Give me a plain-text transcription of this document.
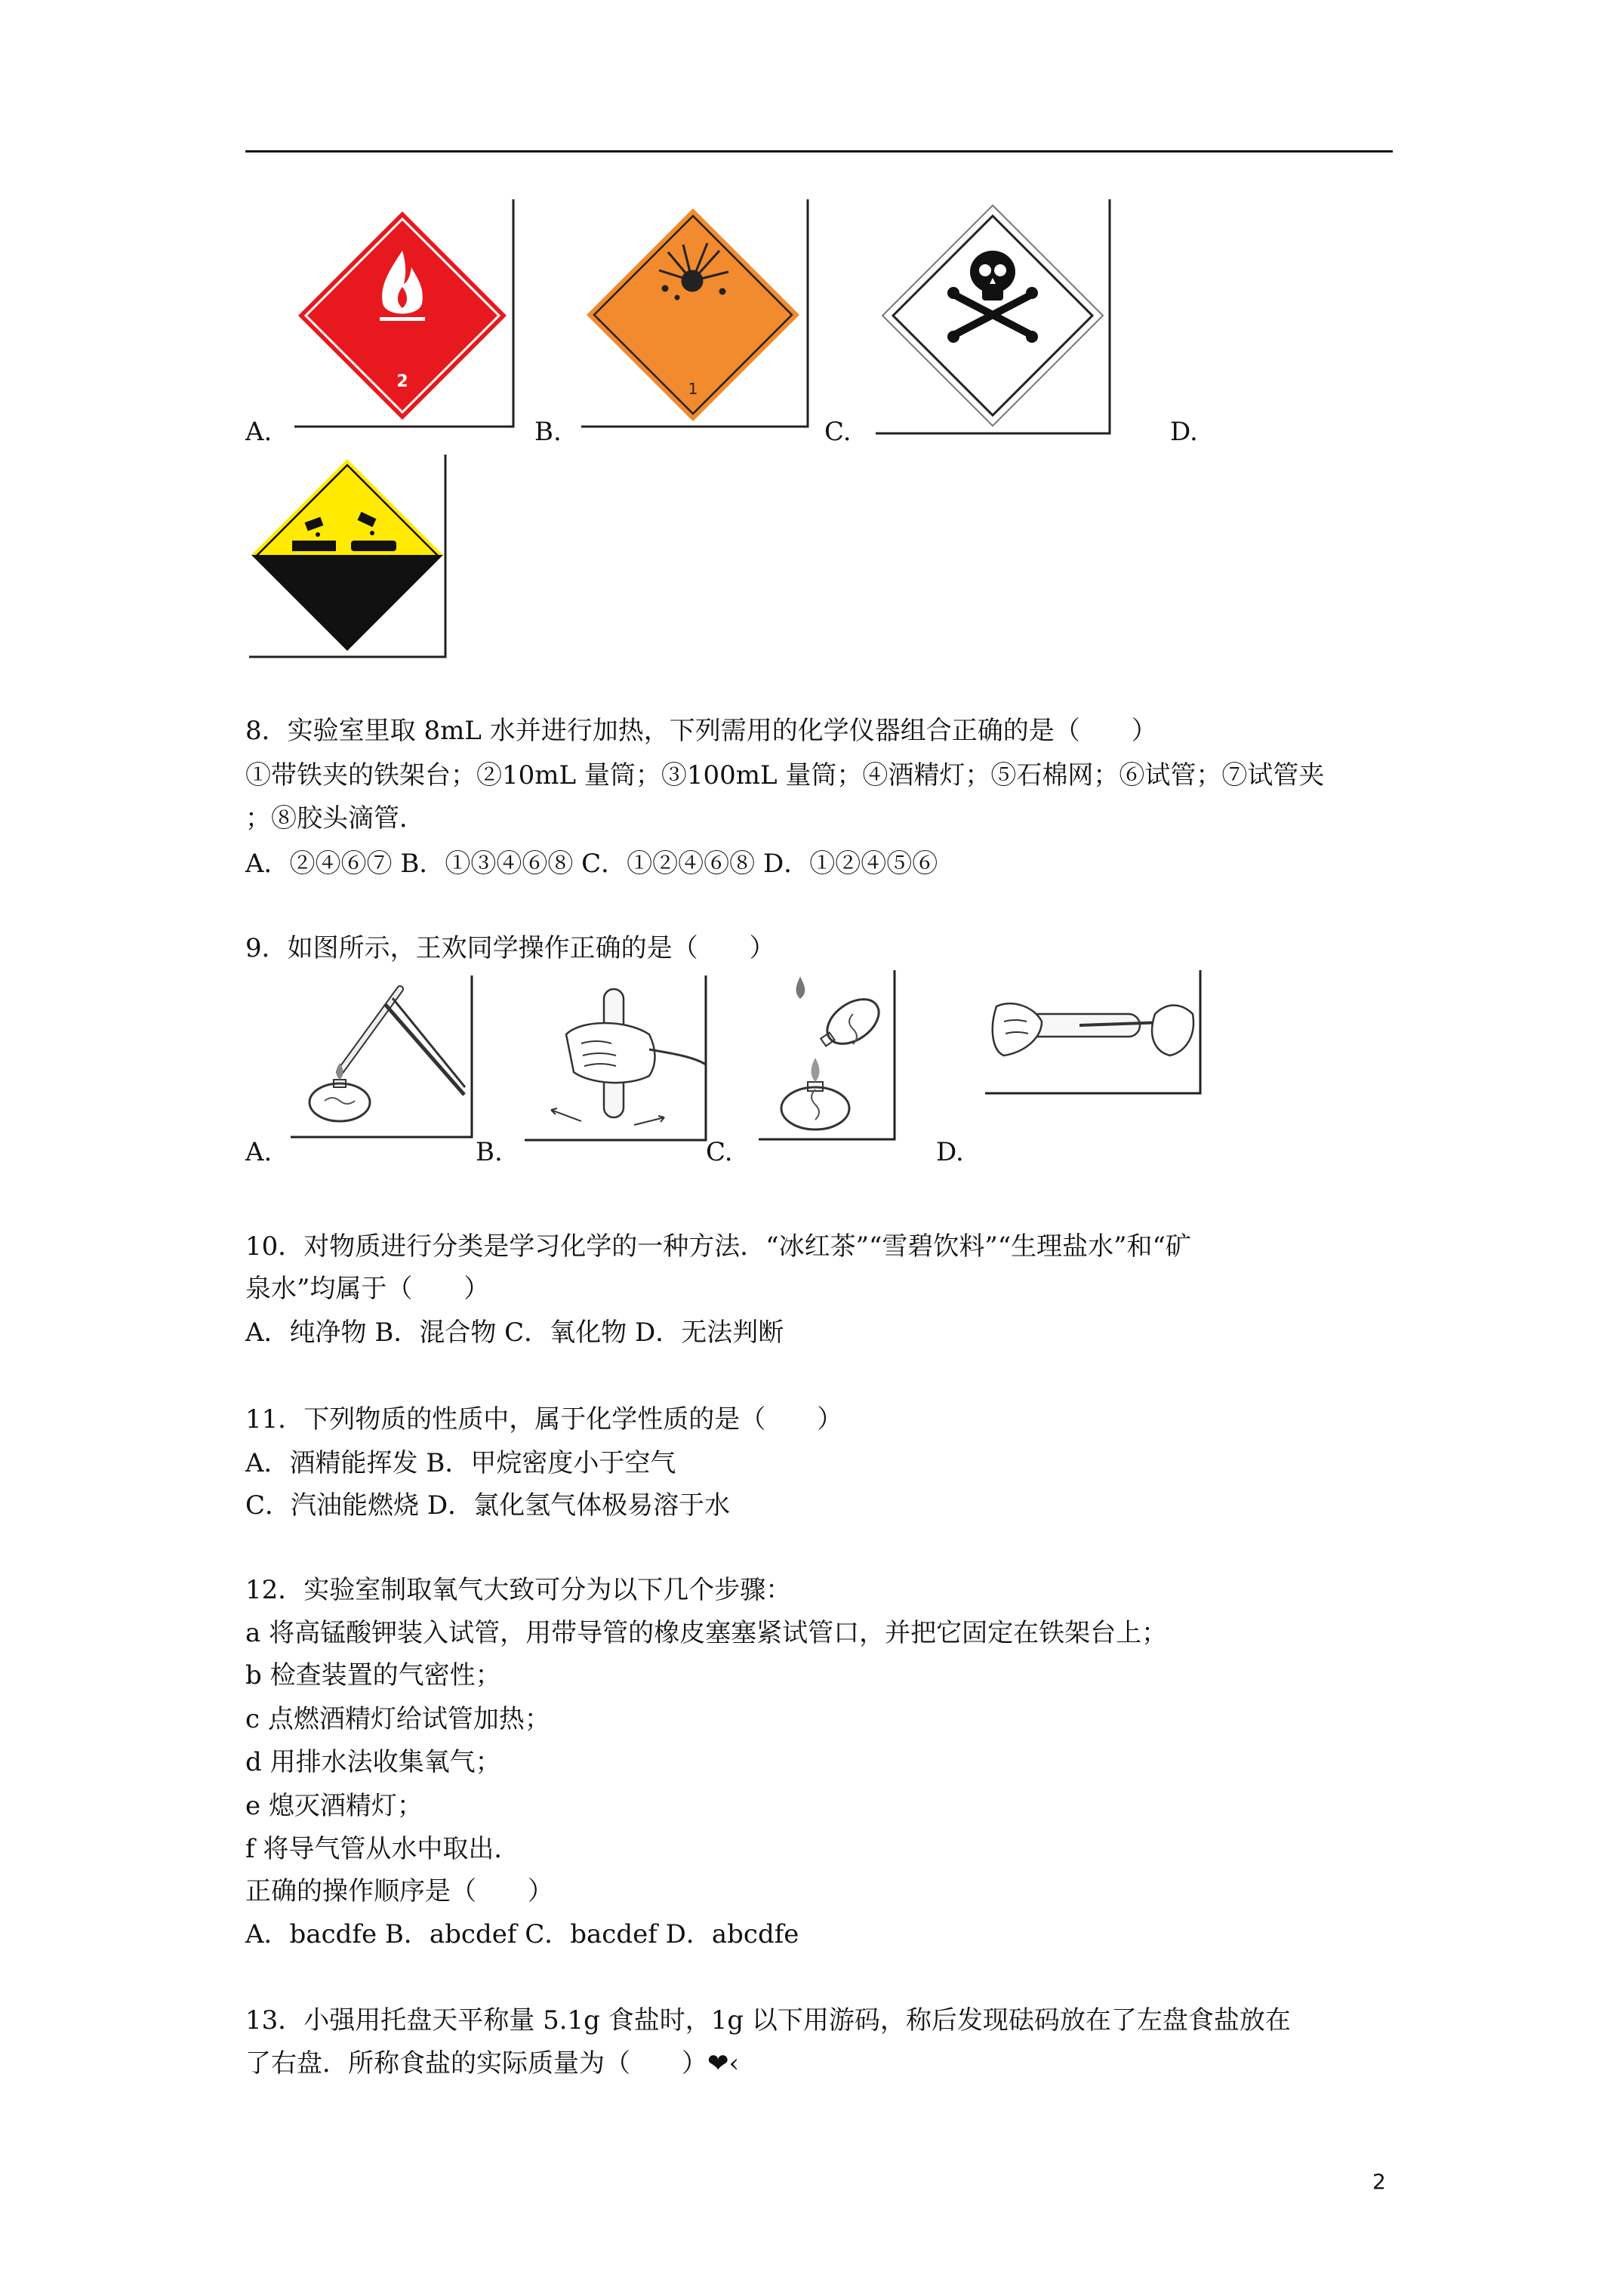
2
A.
1
B.	C.	D.
8．实验室里取 8mL 水并进行加热，下列需用的化学仪器组合正确的是（　　）
①带铁夹的铁架台；②10mL 量筒；③100mL 量筒；④酒精灯；⑤石棉网；⑥试管；⑦试管夹
；⑧胶头滴管．
A．②④⑥⑦ B．①③④⑥⑧ C．①②④⑥⑧ D．①②④⑤⑥
9．如图所示，王欢同学操作正确的是（　　）
A.	B.	C.	D.
10．对物质进行分类是学习化学的一种方法．“冰红茶”“雪碧饮料”“生理盐水”和“矿
泉水”均属于（　　）
A．纯净物 B．混合物 C．氧化物 D．无法判断
11．下列物质的性质中，属于化学性质的是（　　）
A．酒精能挥发 B．甲烷密度小于空气
C．汽油能燃烧 D．氯化氢气体极易溶于水
12．实验室制取氧气大致可分为以下几个步骤：
a 将高锰酸钾装入试管，用带导管的橡皮塞塞紧试管口，并把它固定在铁架台上；
b 检查装置的气密性；
c 点燃酒精灯给试管加热；
d 用排水法收集氧气；
e 熄灭酒精灯；
f 将导气管从水中取出．
正确的操作顺序是（　　）
A．bacdfe B．abcdef C．bacdef D．abcdfe
13．小强用托盘天平称量 5.1g 食盐时，1g 以下用游码，称后发现砝码放在了左盘食盐放在
了右盘．所称食盐的实际质量为（　　）❤‹
2
